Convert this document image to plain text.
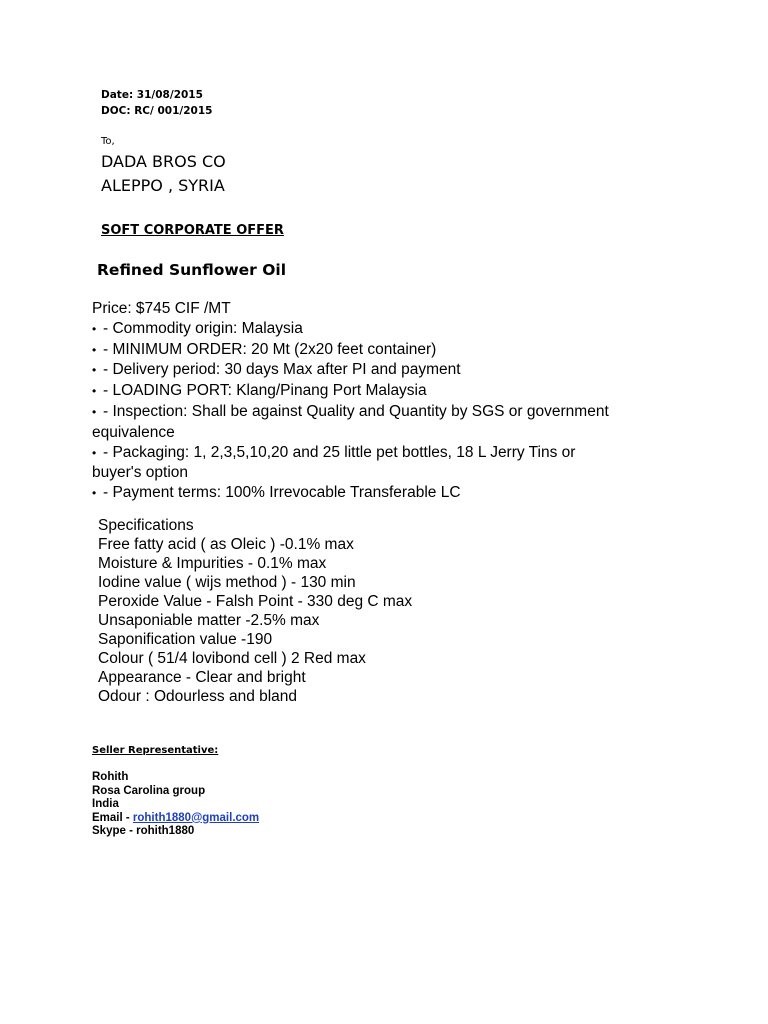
Date: 31/08/2015
DOC: RC/ 001/2015
To,
DADA BROS CO
ALEPPO , SYRIA
SOFT CORPORATE OFFER
Refined Sunflower Oil
Price: $745 CIF /MT
• - Commodity origin: Malaysia
• - MINIMUM ORDER: 20 Mt (2x20 feet container)
• - Delivery period: 30 days Max after PI and payment
• - LOADING PORT: Klang/Pinang Port Malaysia
• - Inspection: Shall be against Quality and Quantity by SGS or government
equivalence
• - Packaging: 1, 2,3,5,10,20 and 25 little pet bottles, 18 L Jerry Tins or
buyer's option
• - Payment terms: 100% Irrevocable Transferable LC
Specifications
Free fatty acid ( as Oleic ) -0.1% max
Moisture & Impurities - 0.1% max
Iodine value ( wijs method ) - 130 min
Peroxide Value - Falsh Point - 330 deg C max
Unsaponiable matter -2.5% max
Saponification value -190
Colour ( 51/4 lovibond cell ) 2 Red max
Appearance - Clear and bright
Odour : Odourless and bland
Seller Representative:
Rohith
Rosa Carolina group
India
Email - rohith1880@gmail.com
Skype - rohith1880
